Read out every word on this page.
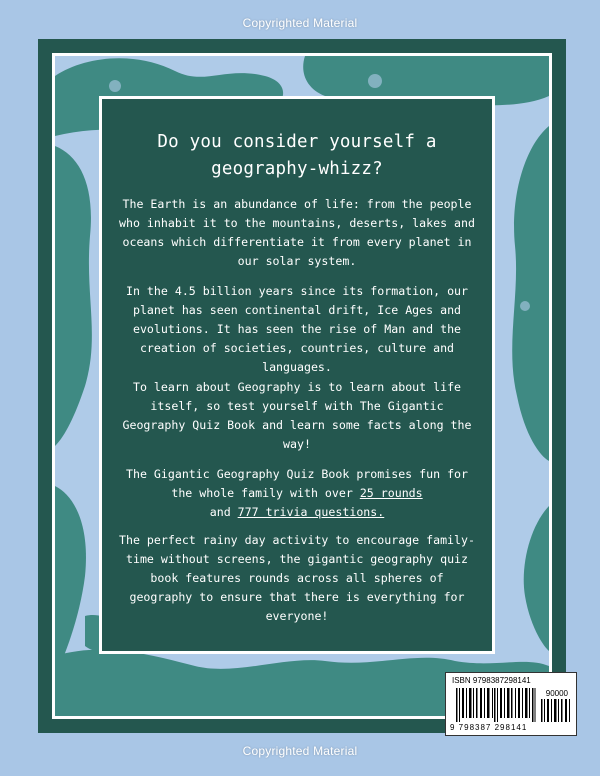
Copyrighted Material
Do you consider yourself a
geography-whizz?
The Earth is an abundance of life: from the people who inhabit it to the mountains, deserts, lakes and oceans which differentiate it from every planet in our solar system.
In the 4.5 billion years since its formation, our planet has seen continental drift, Ice Ages and evolutions. It has seen the rise of Man and the creation of societies, countries, culture and languages.
To learn about Geography is to learn about life itself, so test yourself with The Gigantic Geography Quiz Book and learn some facts along the way!
The Gigantic Geography Quiz Book promises fun for the whole family with over 25 rounds
and 777 trivia questions.
The perfect rainy day activity to encourage family-time without screens, the gigantic geography quiz book features rounds across all spheres of geography to ensure that there is everything for everyone!
ISBN 9798387298141
90000
9 798387 298141
Copyrighted Material
